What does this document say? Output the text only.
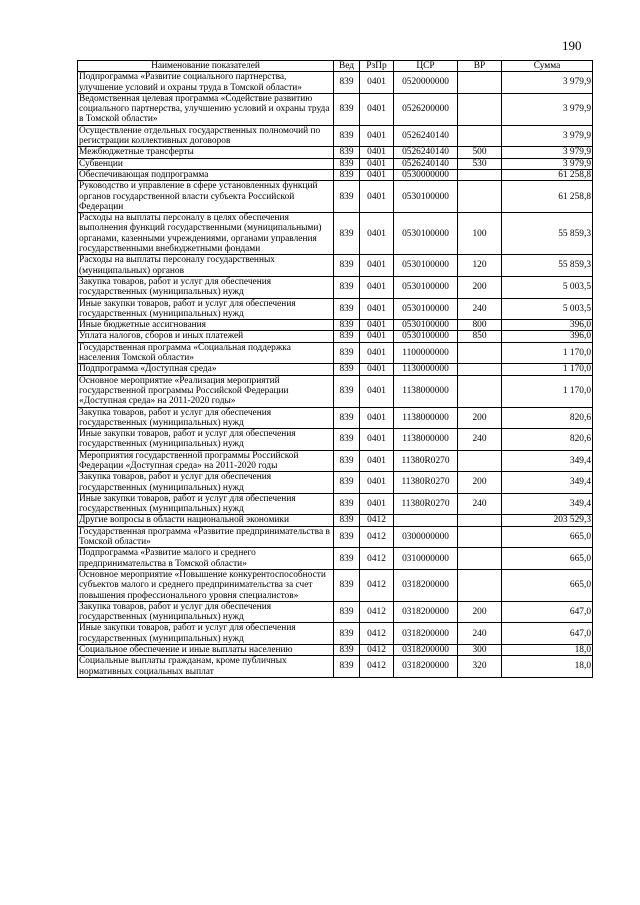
190
Наименование показателей	Вед	РзПр	ЦСР	ВР	Сумма
Подпрограмма «Развитие социального партнерства, улучшение условий и охраны труда в Томской области»	839	0401	0520000000		3 979,9
Ведомственная целевая программа «Содействие развитию социального партнерства, улучшению условий и охраны труда в Томской области»	839	0401	0526200000		3 979,9
Осуществление отдельных государственных полномочий по регистрации коллективных договоров	839	0401	0526240140		3 979,9
Межбюджетные трансферты	839	0401	0526240140	500	3 979,9
Субвенции	839	0401	0526240140	530	3 979,9
Обеспечивающая подпрограмма	839	0401	0530000000		61 258,8
Руководство и управление в сфере установленных функций органов государственной власти субъекта Российской Федерации	839	0401	0530100000		61 258,8
Расходы на выплаты персоналу в целях обеспечения выполнения функций государственными (муниципальными) органами, казенными учреждениями, органами управления государственными внебюджетными фондами	839	0401	0530100000	100	55 859,3
Расходы на выплаты персоналу государственных (муниципальных) органов	839	0401	0530100000	120	55 859,3
Закупка товаров, работ и услуг для обеспечения государственных (муниципальных) нужд	839	0401	0530100000	200	5 003,5
Иные закупки товаров, работ и услуг для обеспечения государственных (муниципальных) нужд	839	0401	0530100000	240	5 003,5
Иные бюджетные ассигнования	839	0401	0530100000	800	396,0
Уплата налогов, сборов и иных платежей	839	0401	0530100000	850	396,0
Государственная программа «Социальная поддержка населения Томской области»	839	0401	1100000000		1 170,0
Подпрограмма «Доступная среда»	839	0401	1130000000		1 170,0
Основное мероприятие «Реализация мероприятий государственной программы Российской Федерации «Доступная среда» на 2011-2020 годы»	839	0401	1138000000		1 170,0
Закупка товаров, работ и услуг для обеспечения государственных (муниципальных) нужд	839	0401	1138000000	200	820,6
Иные закупки товаров, работ и услуг для обеспечения государственных (муниципальных) нужд	839	0401	1138000000	240	820,6
Мероприятия государственной программы Российской Федерации «Доступная среда» на 2011-2020 годы	839	0401	11380R0270		349,4
Закупка товаров, работ и услуг для обеспечения государственных (муниципальных) нужд	839	0401	11380R0270	200	349,4
Иные закупки товаров, работ и услуг для обеспечения государственных (муниципальных) нужд	839	0401	11380R0270	240	349,4
Другие вопросы в области национальной экономики	839	0412			203 529,3
Государственная программа «Развитие предпринимательства в Томской области»	839	0412	0300000000		665,0
Подпрограмма «Развитие малого и среднего предпринимательства в Томской области»	839	0412	0310000000		665,0
Основное мероприятие «Повышение конкурентоспособности субъектов малого и среднего предпринимательства за счет повышения профессионального уровня специалистов»	839	0412	0318200000		665,0
Закупка товаров, работ и услуг для обеспечения государственных (муниципальных) нужд	839	0412	0318200000	200	647,0
Иные закупки товаров, работ и услуг для обеспечения государственных (муниципальных) нужд	839	0412	0318200000	240	647,0
Социальное обеспечение и иные выплаты населению	839	0412	0318200000	300	18,0
Социальные выплаты гражданам, кроме публичных нормативных социальных выплат	839	0412	0318200000	320	18,0
